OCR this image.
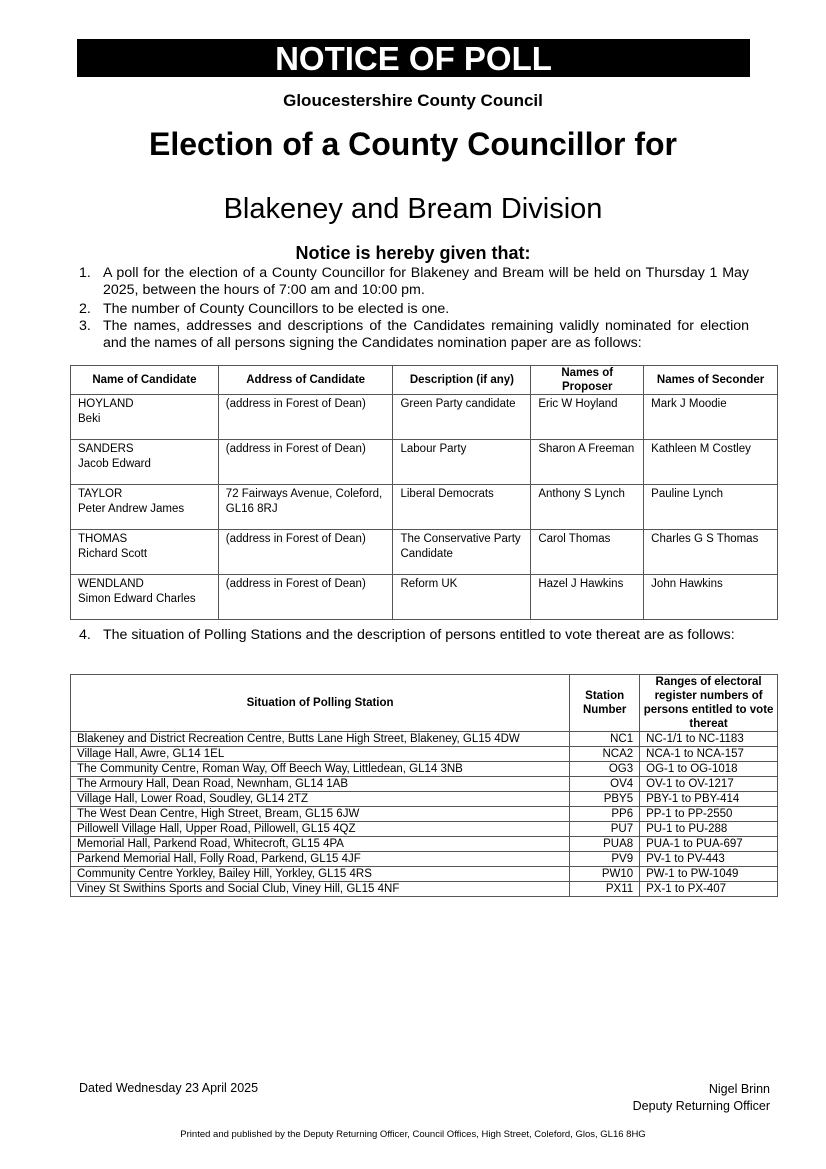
NOTICE OF POLL
Gloucestershire County Council
Election of a County Councillor for
Blakeney and Bream Division
Notice is hereby given that:
1. A poll for the election of a County Councillor for Blakeney and Bream will be held on Thursday 1 May 2025, between the hours of 7:00 am and 10:00 pm.
2. The number of County Councillors to be elected is one.
3. The names, addresses and descriptions of the Candidates remaining validly nominated for election and the names of all persons signing the Candidates nomination paper are as follows:
Name of Candidate	Address of Candidate	Description (if any)	Names of Proposer	Names of Seconder

HOYLAND
Beki	(address in Forest of Dean)	Green Party candidate	Eric W Hoyland	Mark J Moodie

SANDERS
Jacob Edward	(address in Forest of Dean)	Labour Party	Sharon A Freeman	Kathleen M Costley

TAYLOR
Peter Andrew James	72 Fairways Avenue, Coleford, GL16 8RJ	Liberal Democrats	Anthony S Lynch	Pauline Lynch

THOMAS
Richard Scott	(address in Forest of Dean)	The Conservative Party Candidate	Carol Thomas	Charles G S Thomas

WENDLAND
Simon Edward Charles	(address in Forest of Dean)	Reform UK	Hazel J Hawkins	John Hawkins
4. The situation of Polling Stations and the description of persons entitled to vote thereat are as follows:
Situation of Polling Station	Station Number	Ranges of electoral register numbers of persons entitled to vote thereat
Blakeney and District Recreation Centre, Butts Lane High Street, Blakeney, GL15 4DW	NC1	NC-1/1 to NC-1183
Village Hall, Awre, GL14 1EL	NCA2	NCA-1 to NCA-157
The Community Centre, Roman Way, Off Beech Way, Littledean, GL14 3NB	OG3	OG-1 to OG-1018
The Armoury Hall, Dean Road, Newnham, GL14 1AB	OV4	OV-1 to OV-1217
Village Hall, Lower Road, Soudley, GL14 2TZ	PBY5	PBY-1 to PBY-414
The West Dean Centre, High Street, Bream, GL15 6JW	PP6	PP-1 to PP-2550
Pillowell Village Hall, Upper Road, Pillowell, GL15 4QZ	PU7	PU-1 to PU-288
Memorial Hall, Parkend Road, Whitecroft, GL15 4PA	PUA8	PUA-1 to PUA-697
Parkend Memorial Hall, Folly Road, Parkend, GL15 4JF	PV9	PV-1 to PV-443
Community Centre Yorkley, Bailey Hill, Yorkley, GL15 4RS	PW10	PW-1 to PW-1049
Viney St Swithins Sports and Social Club, Viney Hill, GL15 4NF	PX11	PX-1 to PX-407
Dated Wednesday 23 April 2025	Nigel Brinn
Deputy Returning Officer
Printed and published by the Deputy Returning Officer, Council Offices, High Street, Coleford, Glos, GL16 8HG
